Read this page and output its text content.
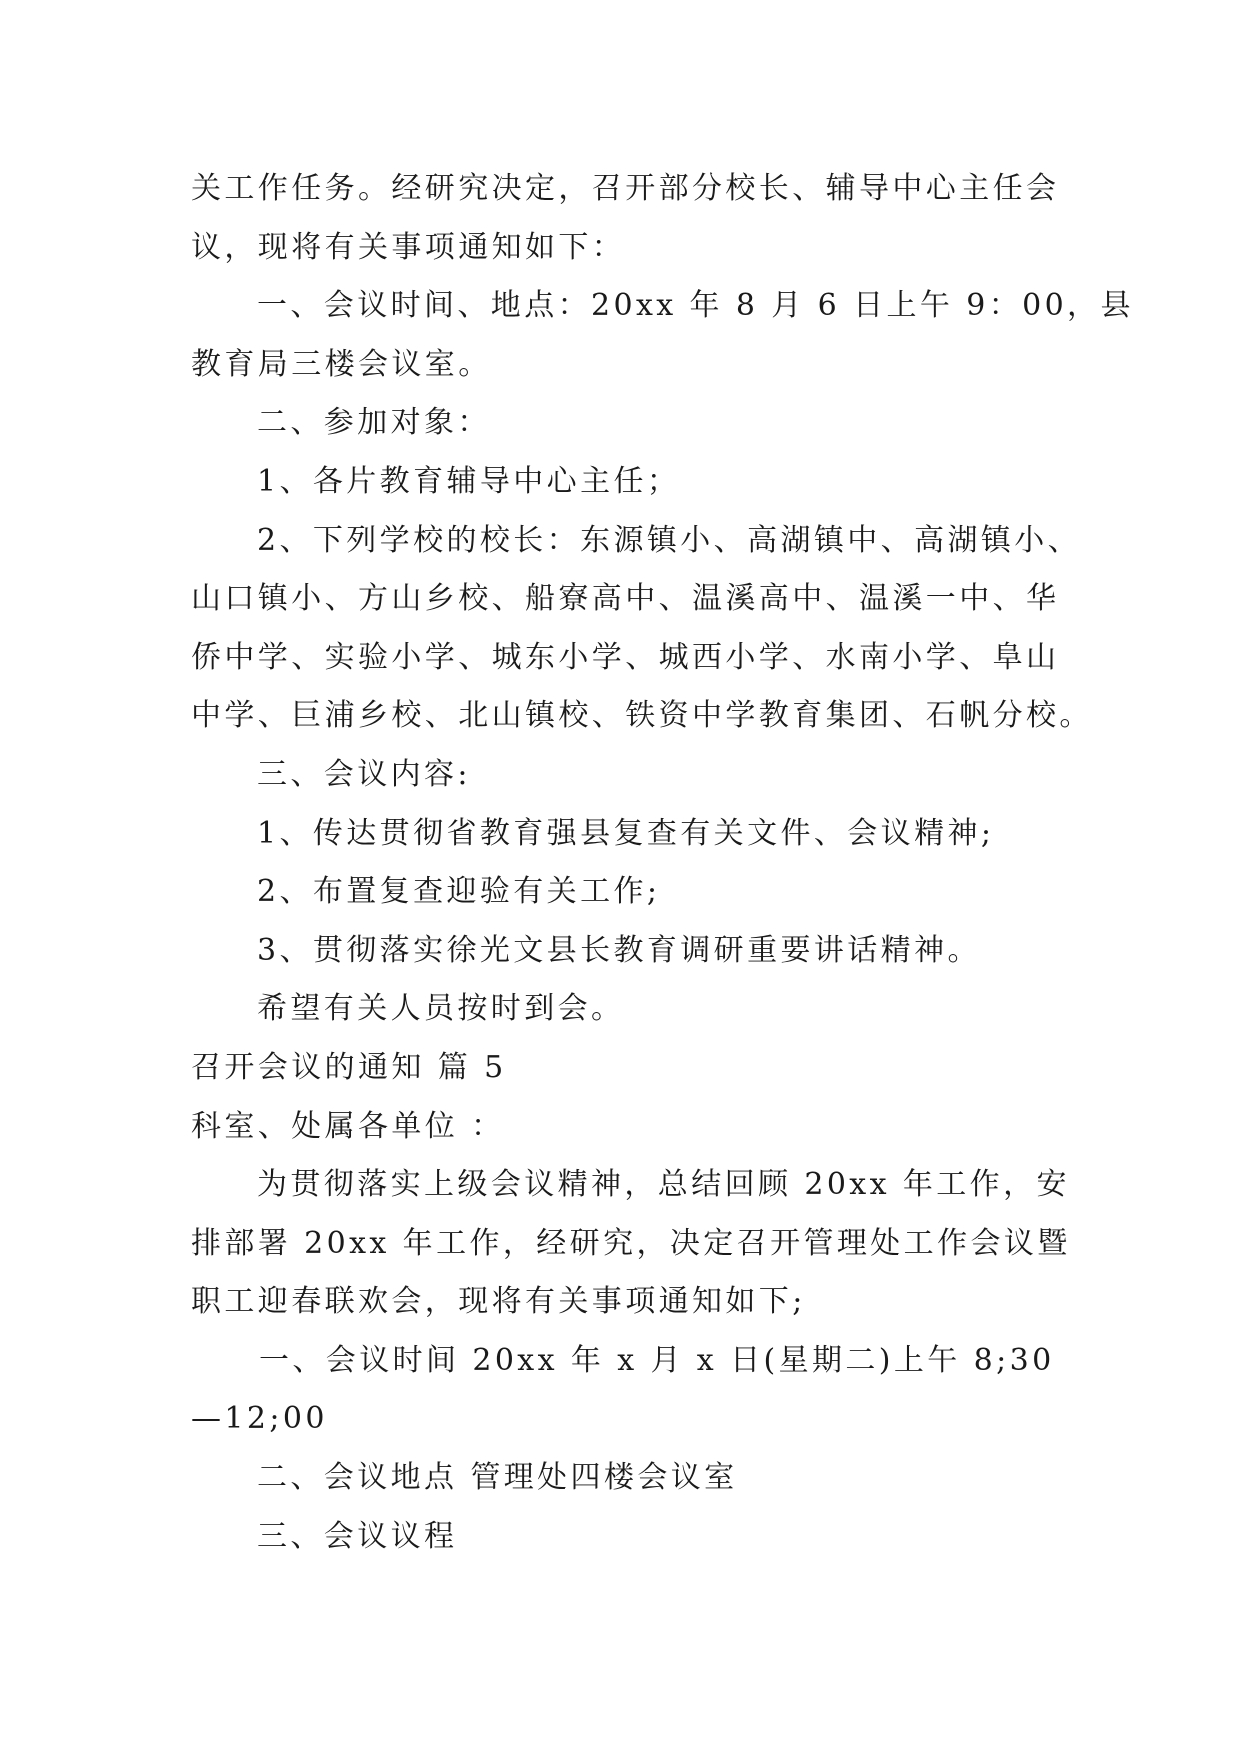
关工作任务。经研究决定，召开部分校长、辅导中心主任会
议，现将有关事项通知如下：
一、会议时间、地点：20xx 年 8 月 6 日上午 9：00，县
教育局三楼会议室。
二、参加对象：
1、各片教育辅导中心主任；
2、下列学校的校长：东源镇小、高湖镇中、高湖镇小、
山口镇小、方山乡校、船寮高中、温溪高中、温溪一中、华
侨中学、实验小学、城东小学、城西小学、水南小学、阜山
中学、巨浦乡校、北山镇校、铁资中学教育集团、石帆分校。
三、会议内容:
1、传达贯彻省教育强县复查有关文件、会议精神;
2、布置复查迎验有关工作;
3、贯彻落实徐光文县长教育调研重要讲话精神。
希望有关人员按时到会。
召开会议的通知 篇 5
科室、处属各单位 ：
为贯彻落实上级会议精神，总结回顾 20xx 年工作，安
排部署 20xx 年工作，经研究，决定召开管理处工作会议暨
职工迎春联欢会，现将有关事项通知如下;
一、会议时间 20xx 年 x 月 x 日(星期二)上午 8;30
—12;00
二、会议地点 管理处四楼会议室
三、会议议程
